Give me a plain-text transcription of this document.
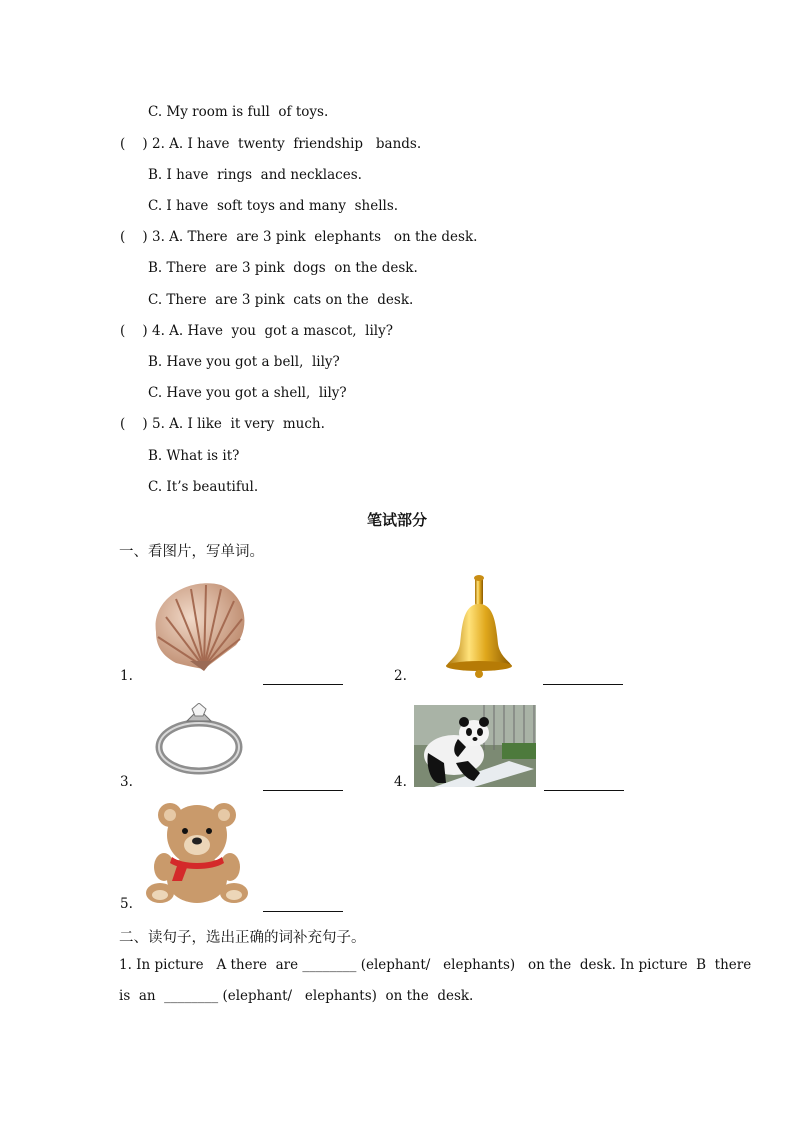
C. My room is full  of toys.
(    ) 2. A. I have  twenty  friendship   bands.
B. I have  rings  and necklaces.
C. I have  soft toys and many  shells.
(    ) 3. A. There  are 3 pink  elephants   on the desk.
B. There  are 3 pink  dogs  on the desk.
C. There  are 3 pink  cats on the  desk.
(    ) 4. A. Have  you  got a mascot,  lily?
B. Have you got a bell,  lily?
C. Have you got a shell,  lily?
(    ) 5. A. I like  it very  much.
B. What is it?
C. It’s beautiful.
笔试部分
一、看图片，写单词。
1.	2.
3.	4.
5.
二、读句子，选出正确的词补充句子。
1. In picture   A there  are ________ (elephant/   elephants)   on the  desk. In picture  B  there
is  an  ________ (elephant/   elephants)  on the  desk.
